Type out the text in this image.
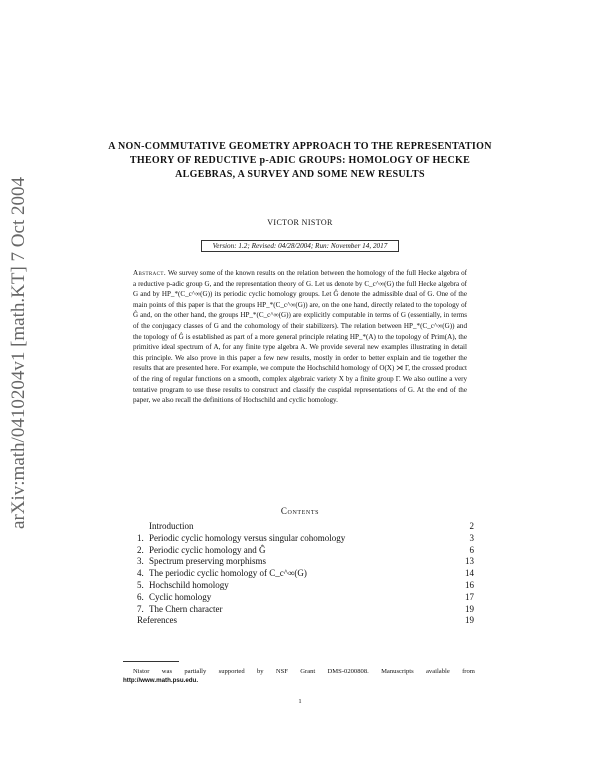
arXiv:math/0410204v1 [math.KT] 7 Oct 2004
A NON-COMMUTATIVE GEOMETRY APPROACH TO THE REPRESENTATION THEORY OF REDUCTIVE p-ADIC GROUPS: HOMOLOGY OF HECKE ALGEBRAS, A SURVEY AND SOME NEW RESULTS
VICTOR NISTOR
Version: 1.2; Revised: 04/28/2004; Run: November 14, 2017
Abstract. We survey some of the known results on the relation between the homology of the full Hecke algebra of a reductive p-adic group G, and the representation theory of G. Let us denote by C_c^∞(G) the full Hecke algebra of G and by HP_*(C_c^∞(G)) its periodic cyclic homology groups. Let Ĝ denote the admissible dual of G. One of the main points of this paper is that the groups HP_*(C_c^∞(G)) are, on the one hand, directly related to the topology of Ĝ and, on the other hand, the groups HP_*(C_c^∞(G)) are explicitly computable in terms of G (essentially, in terms of the conjugacy classes of G and the cohomology of their stabilizers). The relation between HP_*(C_c^∞(G)) and the topology of Ĝ is established as part of a more general principle relating HP_*(A) to the topology of Prim(A), the primitive ideal spectrum of A, for any finite type algebra A. We provide several new examples illustrating in detail this principle. We also prove in this paper a few new results, mostly in order to better explain and tie together the results that are presented here. For example, we compute the Hochschild homology of O(X) ⋊ Γ, the crossed product of the ring of regular functions on a smooth, complex algebraic variety X by a finite group Γ. We also outline a very tentative program to use these results to construct and classify the cuspidal representations of G. At the end of the paper, we also recall the definitions of Hochschild and cyclic homology.
Contents
Introduction	2
1. Periodic cyclic homology versus singular cohomology	3
2. Periodic cyclic homology and Ĝ	6
3. Spectrum preserving morphisms	13
4. The periodic cyclic homology of C_c^∞(G)	14
5. Hochschild homology	16
6. Cyclic homology	17
7. The Chern character	19
References	19
Nistor	was	partially	supported	by	NSF	Grant	DMS-0200808.	Manuscripts	available	from
http://www.math.psu.edu.
1
